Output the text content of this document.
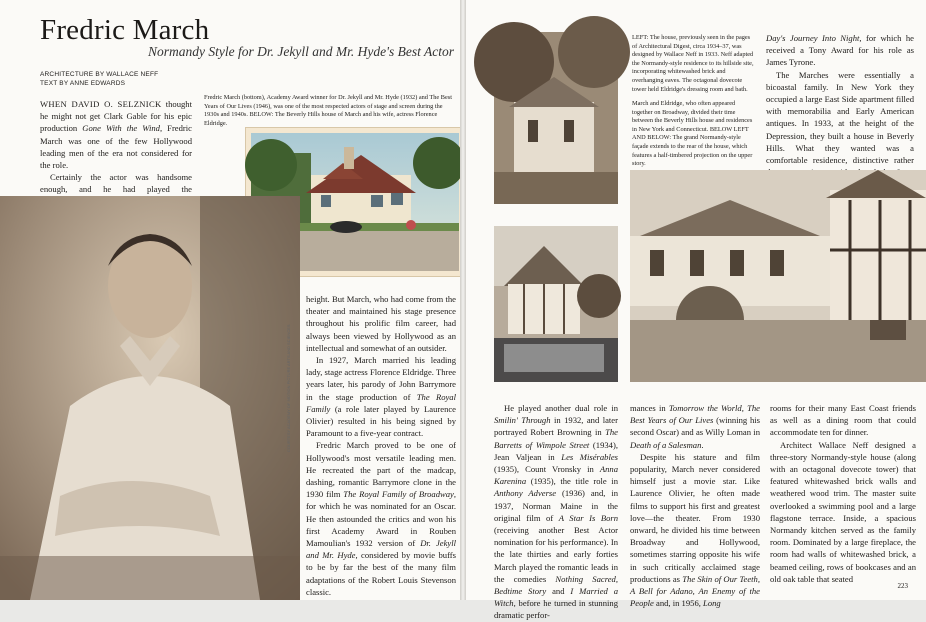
Fredric March
Normandy Style for Dr. Jekyll and Mr. Hyde's Best Actor
ARCHITECTURE BY WALLACE NEFF
TEXT BY ANNE EDWARDS

WHEN DAVID O. SELZNICK thought he might not get Clark Gable for his epic production Gone With the Wind, Fredric March was one of the few Hollywood leading men of the era not considered for the role.

Certainly the actor was handsome enough, and he had played the

Fredric March (bottom), Academy Award winner for Dr. Jekyll and Mr. Hyde (1932) and The Best Years of Our Lives (1946), was one of the most respected actors of stage and screen during the 1930s and 1940s. BELOW: The Beverly Hills house of March and his wife, actress Florence Eldridge.
COURTESY ACADEMY OF MOTION PICTURE ARTS AND SCIENCES

height. But March, who had come from the theater and maintained his stage presence throughout his prolific film career, had always been viewed by Hollywood as an intellectual and somewhat of an outsider.

In 1927, March married his leading lady, stage actress Florence Eldridge. Three years later, his parody of John Barrymore in the stage production of The Royal Family (a role later played by Laurence Olivier) resulted in his being signed by Paramount to a five-year contract.

Fredric March proved to be one of Hollywood's most versatile leading men. He recreated the part of the madcap, dashing, romantic Barrymore clone in the 1930 film The Royal Family of Broadway, for which he was nominated for an Oscar. He then astounded the critics and won his first Academy Award in Rouben Mamoulian's 1932 version of Dr. Jekyll and Mr. Hyde, considered by movie buffs to be by far the best of the many film adaptations of the Robert Louis Stevenson classic.

LEFT: The house, previously seen in the pages of Architectural Digest, circa 1934–37, was designed by Wallace Neff in 1933. Neff adapted the Normandy-style residence to its hillside site, incorporating whitewashed brick and overhanging eaves. The octagonal dovecote tower held Eldridge's dressing room and bath.
March and Eldridge, who often appeared together on Broadway, divided their time between the Beverly Hills house and residences in New York and Connecticut. BELOW LEFT AND BELOW: The grand Normandy-style façade extends to the rear of the house, which features a half-timbered projection on the upper story.

Day's Journey Into Night, for which he received a Tony Award for his role as James Tyrone.

The Marches were essentially a bicoastal family. In New York they occupied a large East Side apartment filled with memorabilia and Early American antiques. In 1933, at the height of the Depression, they built a house in Beverly Hills. What they wanted was a comfortable residence, distinctive rather

He played another dual role in Smilin' Through in 1932, and later portrayed Robert Browning in The Barretts of Wimpole Street (1934), Jean Valjean in Les Misérables (1935), Count Vronsky in Anna Karenina (1935), the title role in Anthony Adverse (1936) and, in 1937, Norman Maine in the original film of A Star Is Born (receiving another Best Actor nomination for his performance). In the late thirties and early forties March played the romantic leads in the comedies Nothing Sacred, Bedtime Story and I Married a Witch, before he turned in stunning dramatic perfor-

mances in Tomorrow the World, The Best Years of Our Lives (winning his second Oscar) and as Willy Loman in Death of a Salesman.

Despite his stature and film popularity, March never considered himself just a movie star. Like Laurence Olivier, he often made films to support his first and greatest love—the theater. From 1930 onward, he divided his time between Broadway and Hollywood, sometimes starring opposite his wife in such critically acclaimed stage productions as The Skin of Our Teeth, A Bell for Adano, An Enemy of the People and, in 1956, Long

rooms for their many East Coast friends as well as a dining room that could accommodate ten for dinner.

Architect Wallace Neff designed a three-story Normandy-style house (along with an octagonal dovecote tower) that featured whitewashed brick walls and weathered wood trim. The master suite overlooked a swimming pool and a large flagstone terrace. Inside, a spacious Normandy kitchen served as the family room. Dominated by a large fireplace, the room had walls of whitewashed brick, a beamed ceiling, rows of bookcases and an old oak table that seated

223
